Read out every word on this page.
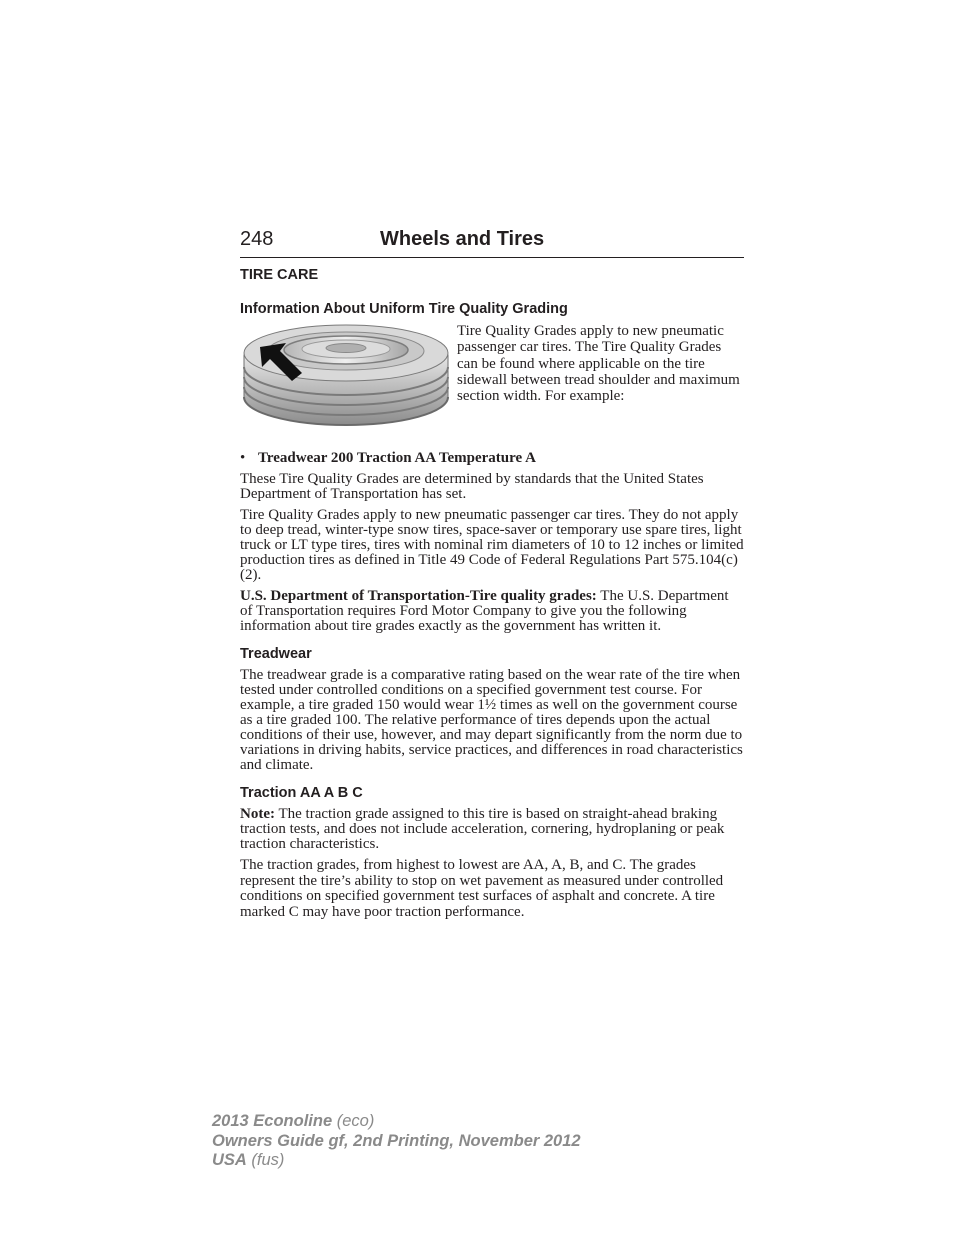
248	Wheels and Tires
TIRE CARE
Information About Uniform Tire Quality Grading
Tire Quality Grades apply to new pneumatic passenger car tires. The Tire Quality Grades can be found where applicable on the tire sidewall between tread shoulder and maximum section width. For example:
• Treadwear 200 Traction AA Temperature A

These Tire Quality Grades are determined by standards that the United States Department of Transportation has set.

Tire Quality Grades apply to new pneumatic passenger car tires. They do not apply to deep tread, winter-type snow tires, space-saver or temporary use spare tires, light truck or LT type tires, tires with nominal rim diameters of 10 to 12 inches or limited production tires as defined in Title 49 Code of Federal Regulations Part 575.104(c)(2).

U.S. Department of Transportation-Tire quality grades: The U.S. Department of Transportation requires Ford Motor Company to give you the following information about tire grades exactly as the government has written it.

Treadwear

The treadwear grade is a comparative rating based on the wear rate of the tire when tested under controlled conditions on a specified government test course. For example, a tire graded 150 would wear 1½ times as well on the government course as a tire graded 100. The relative performance of tires depends upon the actual conditions of their use, however, and may depart significantly from the norm due to variations in driving habits, service practices, and differences in road characteristics and climate.

Traction AA A B C

Note: The traction grade assigned to this tire is based on straight-ahead braking traction tests, and does not include acceleration, cornering, hydroplaning or peak traction characteristics.

The traction grades, from highest to lowest are AA, A, B, and C. The grades represent the tire’s ability to stop on wet pavement as measured under controlled conditions on specified government test surfaces of asphalt and concrete. A tire marked C may have poor traction performance.

2013 Econoline (eco)
Owners Guide gf, 2nd Printing, November 2012
USA (fus)
